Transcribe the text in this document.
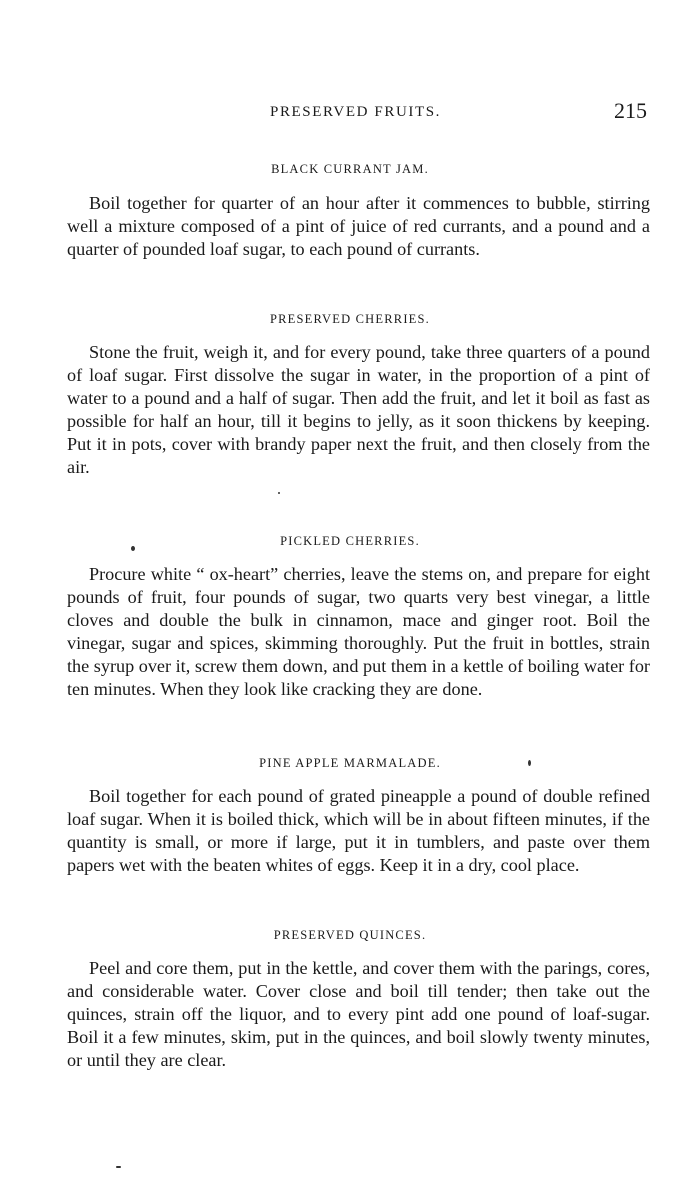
PRESERVED FRUITS.	215
BLACK CURRANT JAM.

Boil together for quarter of an hour after it commences to bubble, stirring well a mixture composed of a pint of juice of red currants, and a pound and a quarter of pounded loaf sugar, to each pound of currants.

PRESERVED CHERRIES.

Stone the fruit, weigh it, and for every pound, take three quarters of a pound of loaf sugar. First dissolve the sugar in water, in the proportion of a pint of water to a pound and a half of sugar. Then add the fruit, and let it boil as fast as possible for half an hour, till it begins to jelly, as it soon thickens by keeping. Put it in pots, cover with brandy paper next the fruit, and then closely from the air.

PICKLED CHERRIES.

Procure white “ ox-heart” cherries, leave the stems on, and prepare for eight pounds of fruit, four pounds of sugar, two quarts very best vinegar, a little cloves and double the bulk in cinnamon, mace and ginger root. Boil the vinegar, sugar and spices, skimming thoroughly. Put the fruit in bottles, strain the syrup over it, screw them down, and put them in a kettle of boiling water for ten minutes. When they look like cracking they are done.

PINE APPLE MARMALADE.

Boil together for each pound of grated pineapple a pound of double refined loaf sugar. When it is boiled thick, which will be in about fifteen minutes, if the quantity is small, or more if large, put it in tumblers, and paste over them papers wet with the beaten whites of eggs. Keep it in a dry, cool place.

PRESERVED QUINCES.

Peel and core them, put in the kettle, and cover them with the parings, cores, and considerable water. Cover close and boil till tender; then take out the quinces, strain off the liquor, and to every pint add one pound of loaf-sugar. Boil it a few minutes, skim, put in the quinces, and boil slowly twenty minutes, or until they are clear.
